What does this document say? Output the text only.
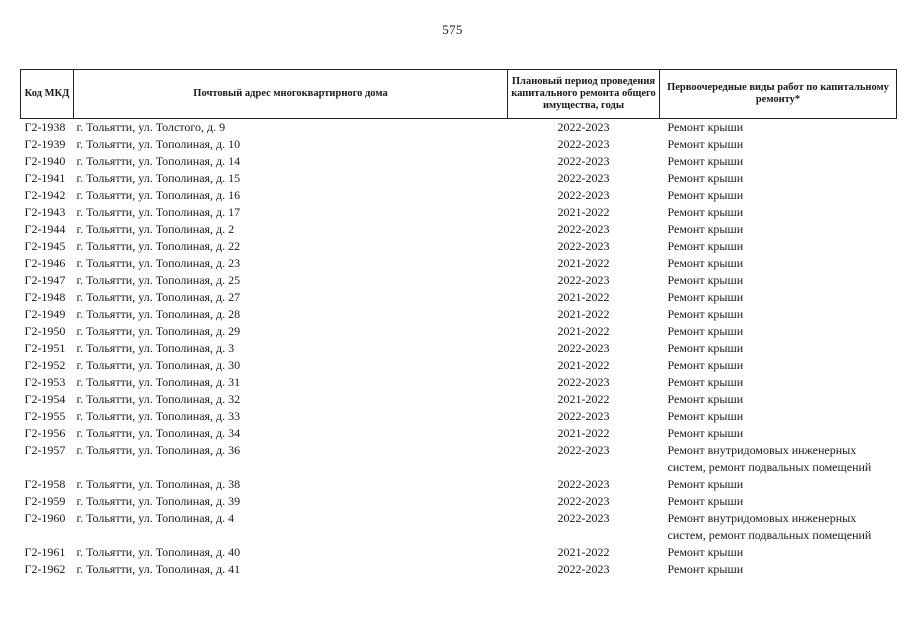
575
Код МКД	Почтовый адрес многоквартирного дома	Плановый период проведения капитального ремонта общего имущества, годы	Первоочередные виды работ по капитальному ремонту*
Г2-1938	г. Тольятти, ул. Толстого, д. 9	2022-2023	Ремонт крыши
Г2-1939	г. Тольятти, ул. Тополиная, д. 10	2022-2023	Ремонт крыши
Г2-1940	г. Тольятти, ул. Тополиная, д. 14	2022-2023	Ремонт крыши
Г2-1941	г. Тольятти, ул. Тополиная, д. 15	2022-2023	Ремонт крыши
Г2-1942	г. Тольятти, ул. Тополиная, д. 16	2022-2023	Ремонт крыши
Г2-1943	г. Тольятти, ул. Тополиная, д. 17	2021-2022	Ремонт крыши
Г2-1944	г. Тольятти, ул. Тополиная, д. 2	2022-2023	Ремонт крыши
Г2-1945	г. Тольятти, ул. Тополиная, д. 22	2022-2023	Ремонт крыши
Г2-1946	г. Тольятти, ул. Тополиная, д. 23	2021-2022	Ремонт крыши
Г2-1947	г. Тольятти, ул. Тополиная, д. 25	2022-2023	Ремонт крыши
Г2-1948	г. Тольятти, ул. Тополиная, д. 27	2021-2022	Ремонт крыши
Г2-1949	г. Тольятти, ул. Тополиная, д. 28	2021-2022	Ремонт крыши
Г2-1950	г. Тольятти, ул. Тополиная, д. 29	2021-2022	Ремонт крыши
Г2-1951	г. Тольятти, ул. Тополиная, д. 3	2022-2023	Ремонт крыши
Г2-1952	г. Тольятти, ул. Тополиная, д. 30	2021-2022	Ремонт крыши
Г2-1953	г. Тольятти, ул. Тополиная, д. 31	2022-2023	Ремонт крыши
Г2-1954	г. Тольятти, ул. Тополиная, д. 32	2021-2022	Ремонт крыши
Г2-1955	г. Тольятти, ул. Тополиная, д. 33	2022-2023	Ремонт крыши
Г2-1956	г. Тольятти, ул. Тополиная, д. 34	2021-2022	Ремонт крыши
Г2-1957	г. Тольятти, ул. Тополиная, д. 36	2022-2023	Ремонт внутридомовых инженерных систем, ремонт подвальных помещений
Г2-1958	г. Тольятти, ул. Тополиная, д. 38	2022-2023	Ремонт крыши
Г2-1959	г. Тольятти, ул. Тополиная, д. 39	2022-2023	Ремонт крыши
Г2-1960	г. Тольятти, ул. Тополиная, д. 4	2022-2023	Ремонт внутридомовых инженерных систем, ремонт подвальных помещений
Г2-1961	г. Тольятти, ул. Тополиная, д. 40	2021-2022	Ремонт крыши
Г2-1962	г. Тольятти, ул. Тополиная, д. 41	2022-2023	Ремонт крыши
